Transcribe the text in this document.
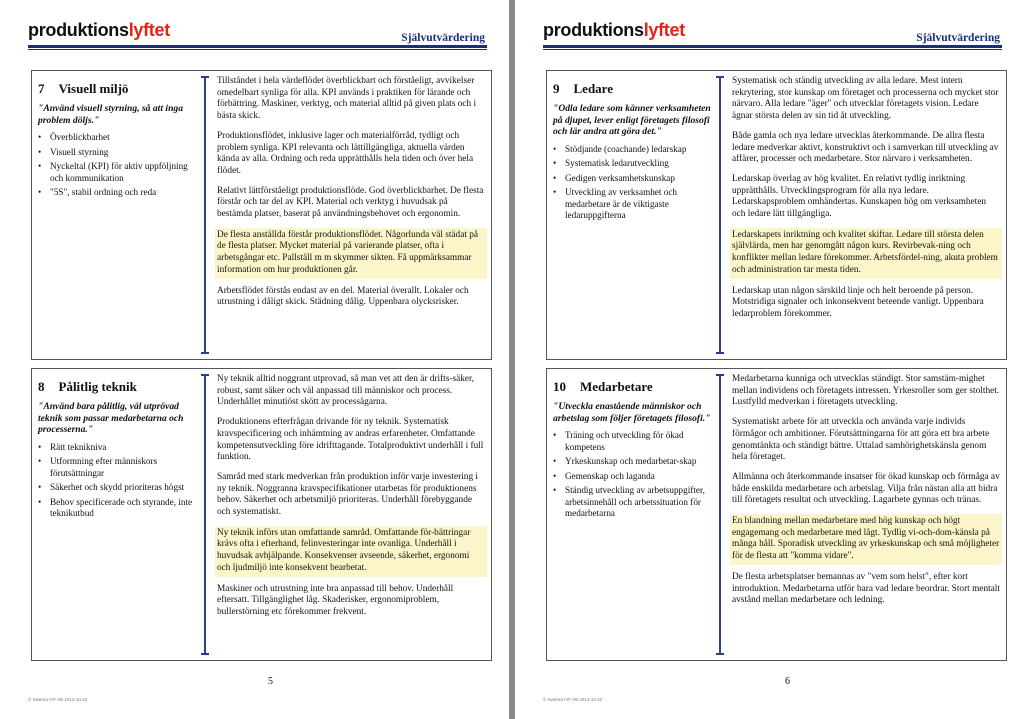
produktionslyftet	Självutvärdering
7 Visuell miljö
"Använd visuell styrning, så att inga problem döljs."
• Överblickbarhet
• Visuell styrning
• Nyckeltal (KPI) för aktiv uppföljning och kommunikation
• "5S", stabil ordning och reda

Tillståndet i hela värdeflödet överblickbart och förståeligt, avvikelser omedelbart synliga för alla. KPI används i praktiken för lärande och förbättring. Maskiner, verktyg, och material alltid på given plats och i bästa skick.

Produktionsflödet, inklusive lager och materialförråd, tydligt och problem synliga. KPI relevanta och lättillgängliga, aktuella värden kända av alla. Ordning och reda upprätthålls hela tiden och över hela flödet.

Relativt lättförståeligt produktionsflöde. God överblickbarhet. De flesta förstår och tar del av KPI. Material och verktyg i huvudsak på bestämda platser, baserat på användningsbehovet och ergonomin.

De flesta anställda förstår produktionsflödet. Någorlunda väl städat på de flesta platser. Mycket material på varierande platser, ofta i arbetsgångar etc. Pallställ m m skymmer sikten. Få uppmärksammar information om hur produktionen går.

Arbetsflödet förstås endast av en del. Material överallt. Lokaler och utrustning i dåligt skick. Städning dålig. Uppenbara olycksrisker.

8 Pålitlig teknik
"Använd bara pålitlig, väl utprövad teknik som passar medarbetarna och processerna."
• Rätt teknikniva
• Utformning efter människors förutsättningar
• Säkerhet och skydd prioriteras högst
• Behov specificerade och styrande, inte teknikutbud

Ny teknik alltid noggrant utprovad, så man vet att den är drifts-säker, robust, samt säker och väl anpassad till människor och process. Underhållet minutiöst skött av processägarna.

Produktionens efterfrågan drivande för ny teknik. Systematisk kravspecificering och inhämtning av andras erfarenheter. Omfattande kompetensutveckling före idrifttagande. Totalproduktivt underhåll i full funktion.

Samråd med stark medverkan från produktion inför varje investering i ny teknik. Noggranna kravspecifikationer utarbetas för produktionens behov. Säkerhet och arbetsmiljö prioriteras. Underhåll förebyggande och systematiskt.

Ny teknik införs utan omfattande samråd. Omfattande för-bättringar krävs ofta i efterhand, felinvesteringar inte ovanliga. Underhåll i huvudsak avhjälpande. Konsekvenser avseende, säkerhet, ergonomi och ljudmiljö inte konsekvent bearbetat.

Maskiner och utrustning inte bra anpassad till behov. Underhåll eftersatt. Tillgänglighet låg. Skaderisker, ergonomiproblem, bullerstörning etc förekommer frekvent.

5
© Swerea IVF AB 2013-10-22
produktionslyftet	Självutvärdering
9 Ledare
"Odla ledare som känner verksamheten på djupet, lever enligt företagets filosofi och lär andra att göra det."
• Stödjande (coachande) ledarskap
• Systematisk ledarutveckling
• Gedigen verksamhetskunskap
• Utveckling av verksamhet och medarbetare är de viktigaste ledaruppgifterna

Systematisk och ständig utveckling av alla ledare. Mest intern rekrytering, stor kunskap om företaget och processerna och mycket stor närvaro. Alla ledare "äger" och utvecklar företagets vision. Ledare ägnar största delen av sin tid åt utveckling.

Både gamla och nya ledare utvecklas återkommande. De allra flesta ledare medverkar aktivt, konstruktivt och i samverkan till utveckling av affärer, processer och medarbetare. Stor närvaro i verksamheten.

Ledarskap överlag av hög kvalitet. En relativt tydlig inriktning upprätthålls. Utvecklingsprogram för alla nya ledare. Ledarskapsproblem omhändertas. Kunskapen hög om verksamheten och ledare lätt tillgängliga.

Ledarskapets inriktning och kvalitet skiftar. Ledare till största delen självlärda, men har genomgått någon kurs. Revirbevak-ning och konflikter mellan ledare förekommer. Arbetsfördel-ning, akuta problem och administration tar mesta tiden.

Ledarskap utan någon särskild linje och helt beroende på person. Motstridiga signaler och inkonsekvent beteende vanligt. Uppenbara ledarproblem förekommer.

10 Medarbetare
"Utveckla enastående människor och arbetslag som följer företagets filosofi."
• Träning och utveckling för ökad kompetens
• Yrkeskunskap och medarbetar-skap
• Gemenskap och laganda
• Ständig utveckling av arbetsuppgifter, arbetsinnehåll och arbetssituation för medarbetarna

Medarbetarna kunniga och utvecklas ständigt. Stor samstäm-mighet mellan individens och företagets intressen. Yrkesroller som ger stolthet. Lustfylld medverkan i företagets utveckling.

Systematiskt arbete för att utveckla och använda varje individs förmågor och ambitioner. Förutsättningarna för att göra ett bra arbete genomtänkta och ständigt bättre. Uttalad samhörighetskänsla genom hela företaget.

Allmänna och återkommande insatser för ökad kunskap och förmåga av både enskilda medarbetare och arbetslag. Vilja från nästan alla att bidra till företagets resultat och utveckling. Lagarbete gynnas och tränas.

En blandning mellan medarbetare med hög kunskap och högt engagemang och medarbetare med lågt. Tydlig vi-och-dom-känsla på många håll. Sporadisk utveckling av yrkeskunskap och små möjligheter för de flesta att "komma vidare".

De flesta arbetsplatser bemannas av "vem som helst", efter kort introduktion. Medarbetarna utför bara vad ledare beordrar. Stort mentalt avstånd mellan medarbetare och ledning.

6
© Swerea IVF AB 2013-10-22
